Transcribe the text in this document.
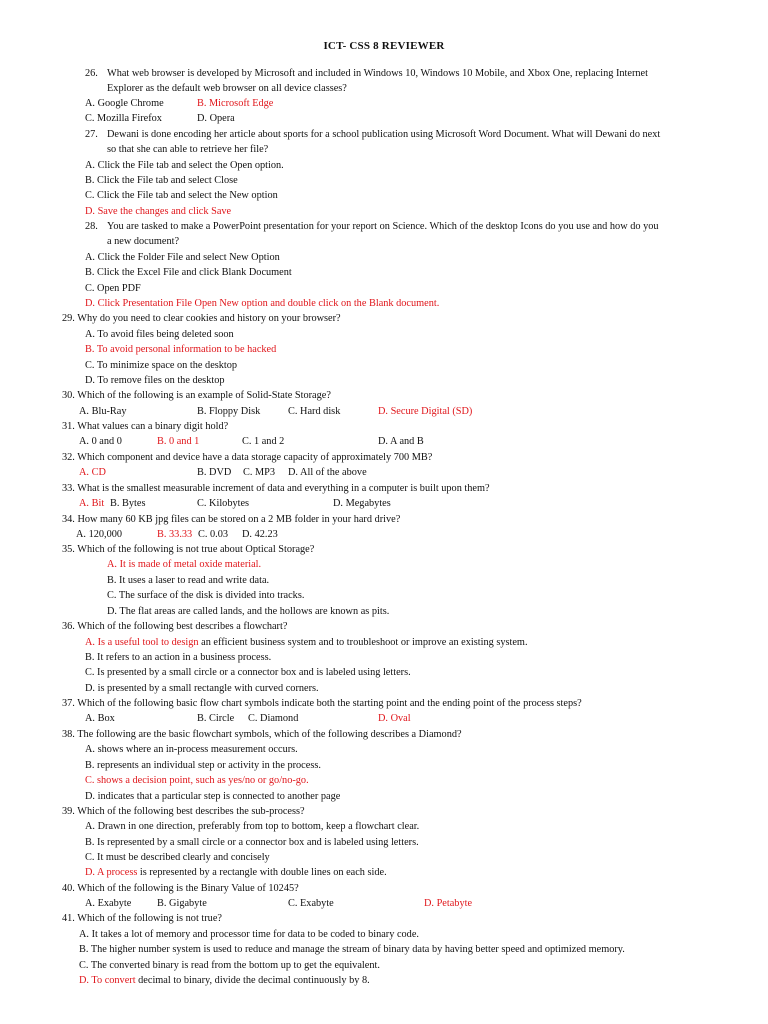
ICT- CSS 8 REVIEWER
26. What web browser is developed by Microsoft and included in Windows 10, Windows 10 Mobile, and Xbox One, replacing Internet
Explorer as the default web browser on all device classes?
A. Google Chrome	B. Microsoft Edge
C. Mozilla Firefox	D. Opera
27. Dewani is done encoding her article about sports for a school publication using Microsoft Word Document. What will Dewani do next
so that she can able to retrieve her file?
A. Click the File tab and select the Open option.
B. Click the File tab and select Close
C. Click the File tab and select the New option
D. Save the changes and click Save
28. You are tasked to make a PowerPoint presentation for your report on Science. Which of the desktop Icons do you use and how do you
a new document?
A. Click the Folder File and select New Option
B. Click the Excel File and click Blank Document
C. Open PDF
D. Click Presentation File Open New option and double click on the Blank document.
29. Why do you need to clear cookies and history on your browser?
A. To avoid files being deleted soon
B. To avoid personal information to be hacked
C. To minimize space on the desktop
D. To remove files on the desktop
30. Which of the following is an example of Solid-State Storage?
A. Blu-Ray	B. Floppy Disk	C. Hard disk	D. Secure Digital (SD)
31. What values can a binary digit hold?
A. 0 and 0	B. 0 and 1	C. 1 and 2	D. A and B
32. Which component and device have a data storage capacity of approximately 700 MB?
A. CD	B. DVD C. MP3 D. All of the above
33. What is the smallest measurable increment of data and everything in a computer is built upon them?
A. Bit B. Bytes	C. Kilobytes	D. Megabytes
34. How many 60 KB jpg files can be stored on a 2 MB folder in your hard drive?
A. 120,000	B. 33.33 C. 0.03 D. 42.23
35. Which of the following is not true about Optical Storage?
A. It is made of metal oxide material.
B. It uses a laser to read and write data.
C. The surface of the disk is divided into tracks.
D. The flat areas are called lands, and the hollows are known as pits.
36. Which of the following best describes a flowchart?
A. Is a useful tool to design an efficient business system and to troubleshoot or improve an existing system.
B. It refers to an action in a business process.
C. Is presented by a small circle or a connector box and is labeled using letters.
D. is presented by a small rectangle with curved corners.
37. Which of the following basic flow chart symbols indicate both the starting point and the ending point of the process steps?
A. Box	B. Circle C. Diamond	D. Oval
38. The following are the basic flowchart symbols, which of the following describes a Diamond?
A. shows where an in-process measurement occurs.
B. represents an individual step or activity in the process.
C. shows a decision point, such as yes/no or go/no-go.
D. indicates that a particular step is connected to another page
39. Which of the following best describes the sub-process?
A. Drawn in one direction, preferably from top to bottom, keep a flowchart clear.
B. Is represented by a small circle or a connector box and is labeled using letters.
C. It must be described clearly and concisely
D. A process is represented by a rectangle with double lines on each side.
40. Which of the following is the Binary Value of 10245?
A. Exabyte B. Gigabyte	C. Exabyte	D. Petabyte
41. Which of the following is not true?
A. It takes a lot of memory and processor time for data to be coded to binary code.
B. The higher number system is used to reduce and manage the stream of binary data by having better speed and optimized memory.
C. The converted binary is read from the bottom up to get the equivalent.
D. To convert decimal to binary, divide the decimal continuously by 8.
